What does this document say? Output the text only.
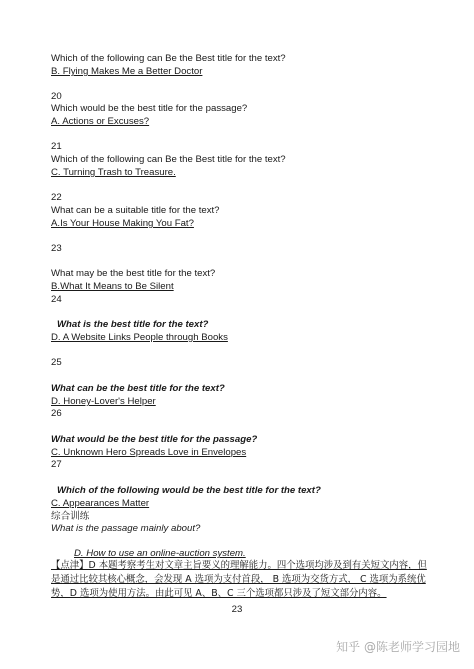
Which of the following can Be the Best title for the text?
B. Flying Makes Me a Better Doctor
20
Which would be the best title for the passage?
A. Actions or Excuses?
21
Which of the following can Be the Best title for the text?
C. Turning Trash to Treasure.
22
What can be a suitable title for the text?
A.Is Your House Making You Fat?
23
What may be the best title for the text?
B.What It Means to Be Silent
24
What is the best title for the text?
D. A Website Links People through Books
25
What can be the best title for the text?
D. Honey-Lover's Helper
26
What would be the best title for the passage?
C. Unknown Hero Spreads Love in Envelopes
27
Which of the following would be the best title for the text?
C. Appearances Matter
综合训练
What is the passage mainly about?
D. How to use an online-auction system.
【点津】D 本题考察考生对文章主旨要义的理解能力。四个选项均涉及到有关短文内容，但是通过比较其核心概念，会发现 A 选项为支付首段， B 选项为交货方式， C 选项为系统优势，D 选项为使用方法。由此可见 A、B、C 三个选项都只涉及了短文部分内容。
23
知乎 @陈老师学习园地
